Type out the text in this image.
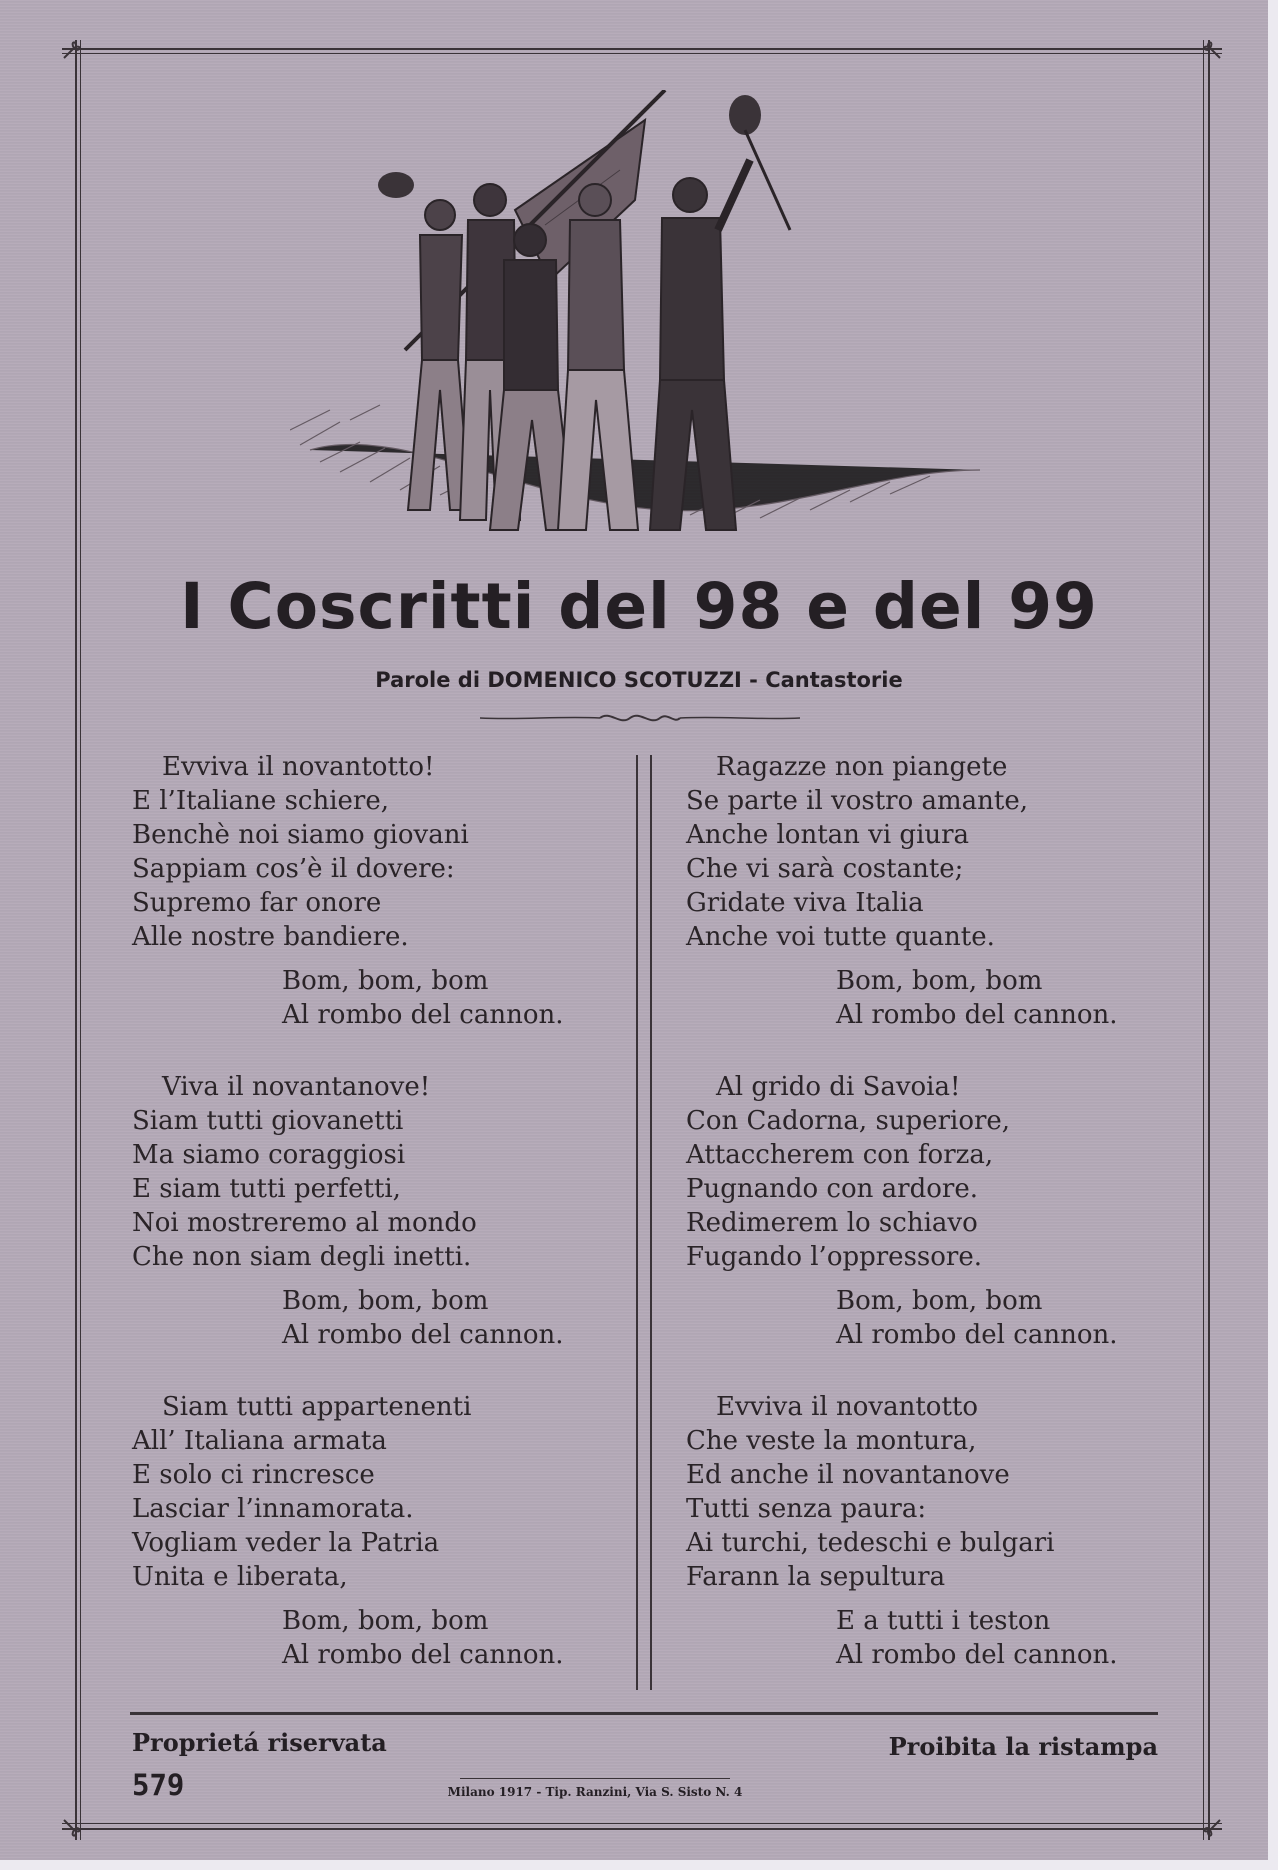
I Coscritti del 98 e del 99
Parole di DOMENICO SCOTUZZI - Cantastorie
Evviva il novantotto!
E l’Italiane schiere,
Benchè noi siamo giovani
Sappiam cos’è il dovere:
Supremo far onore
Alle nostre bandiere.
Bom, bom, bom
Al rombo del cannon.
Viva il novantanove!
Siam tutti giovanetti
Ma siamo coraggiosi
E siam tutti perfetti,
Noi mostreremo al mondo
Che non siam degli inetti.
Bom, bom, bom
Al rombo del cannon.
Siam tutti appartenenti
All’ Italiana armata
E solo ci rincresce
Lasciar l’innamorata.
Vogliam veder la Patria
Unita e liberata,
Bom, bom, bom
Al rombo del cannon.
Ragazze non piangete
Se parte il vostro amante,
Anche lontan vi giura
Che vi sarà costante;
Gridate viva Italia
Anche voi tutte quante.
Bom, bom, bom
Al rombo del cannon.
Al grido di Savoia!
Con Cadorna, superiore,
Attaccherem con forza,
Pugnando con ardore.
Redimerem lo schiavo
Fugando l’oppressore.
Bom, bom, bom
Al rombo del cannon.
Evviva il novantotto
Che veste la montura,
Ed anche il novantanove
Tutti senza paura:
Ai turchi, tedeschi e bulgari
Farann la sepultura
E a tutti i teston
Al rombo del cannon.
Proprietá riservata	Proibita la ristampa
579	Milano 1917 - Tip. Ranzini, Via S. Sisto N. 4
